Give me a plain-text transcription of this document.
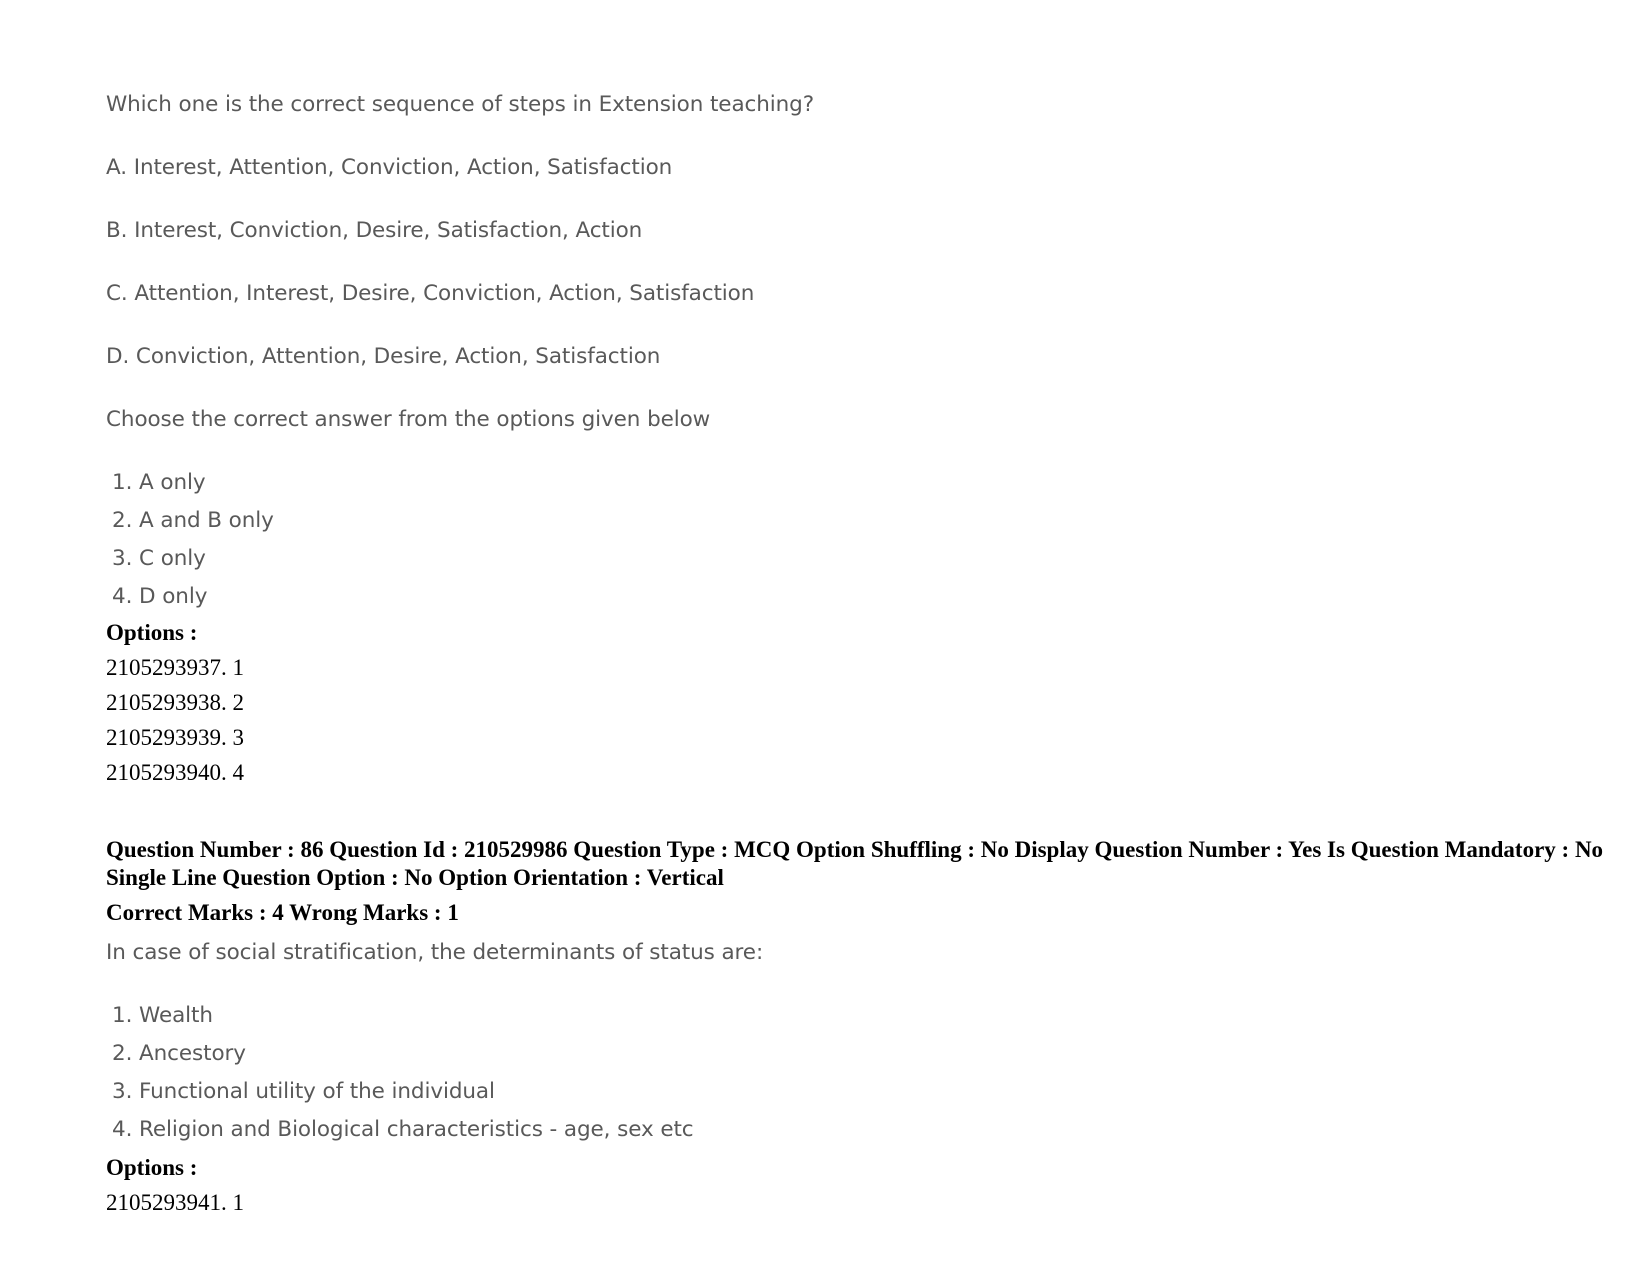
Which one is the correct sequence of steps in Extension teaching?
A. Interest, Attention, Conviction, Action, Satisfaction
B. Interest, Conviction, Desire, Satisfaction, Action
C. Attention, Interest, Desire, Conviction, Action, Satisfaction
D. Conviction, Attention, Desire, Action, Satisfaction
Choose the correct answer from the options given below
1. A only
2. A and B only
3. C only
4. D only
Options :
2105293937. 1
2105293938. 2
2105293939. 3
2105293940. 4
Question Number : 86 Question Id : 210529986 Question Type : MCQ Option Shuffling : No Display Question Number : Yes Is Question Mandatory : No Single Line Question Option : No Option Orientation : Vertical
Correct Marks : 4 Wrong Marks : 1
In case of social stratification, the determinants of status are:
1. Wealth
2. Ancestory
3. Functional utility of the individual
4. Religion and Biological characteristics - age, sex etc
Options :
2105293941. 1
